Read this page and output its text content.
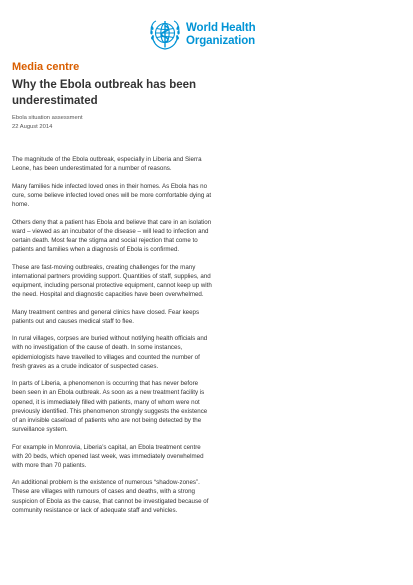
World Health
Organization
Media centre
Why the Ebola outbreak has been
underestimated
Ebola situation assessment
22 August 2014

The magnitude of the Ebola outbreak, especially in Liberia and Sierra
Leone, has been underestimated for a number of reasons.

Many families hide infected loved ones in their homes. As Ebola has no
cure, some believe infected loved ones will be more comfortable dying at
home.

Others deny that a patient has Ebola and believe that care in an isolation
ward – viewed as an incubator of the disease – will lead to infection and
certain death. Most fear the stigma and social rejection that come to
patients and families when a diagnosis of Ebola is confirmed.

These are fast-moving outbreaks, creating challenges for the many
international partners providing support. Quantities of staff, supplies, and
equipment, including personal protective equipment, cannot keep up with
the need. Hospital and diagnostic capacities have been overwhelmed.

Many treatment centres and general clinics have closed. Fear keeps
patients out and causes medical staff to flee.

In rural villages, corpses are buried without notifying health officials and
with no investigation of the cause of death. In some instances,
epidemiologists have travelled to villages and counted the number of
fresh graves as a crude indicator of suspected cases.

In parts of Liberia, a phenomenon is occurring that has never before
been seen in an Ebola outbreak. As soon as a new treatment facility is
opened, it is immediately filled with patients, many of whom were not
previously identified. This phenomenon strongly suggests the existence
of an invisible caseload of patients who are not being detected by the
surveillance system.

For example in Monrovia, Liberia’s capital, an Ebola treatment centre
with 20 beds, which opened last week, was immediately overwhelmed
with more than 70 patients.

An additional problem is the existence of numerous “shadow-zones”.
These are villages with rumours of cases and deaths, with a strong
suspicion of Ebola as the cause, that cannot be investigated because of
community resistance or lack of adequate staff and vehicles.
